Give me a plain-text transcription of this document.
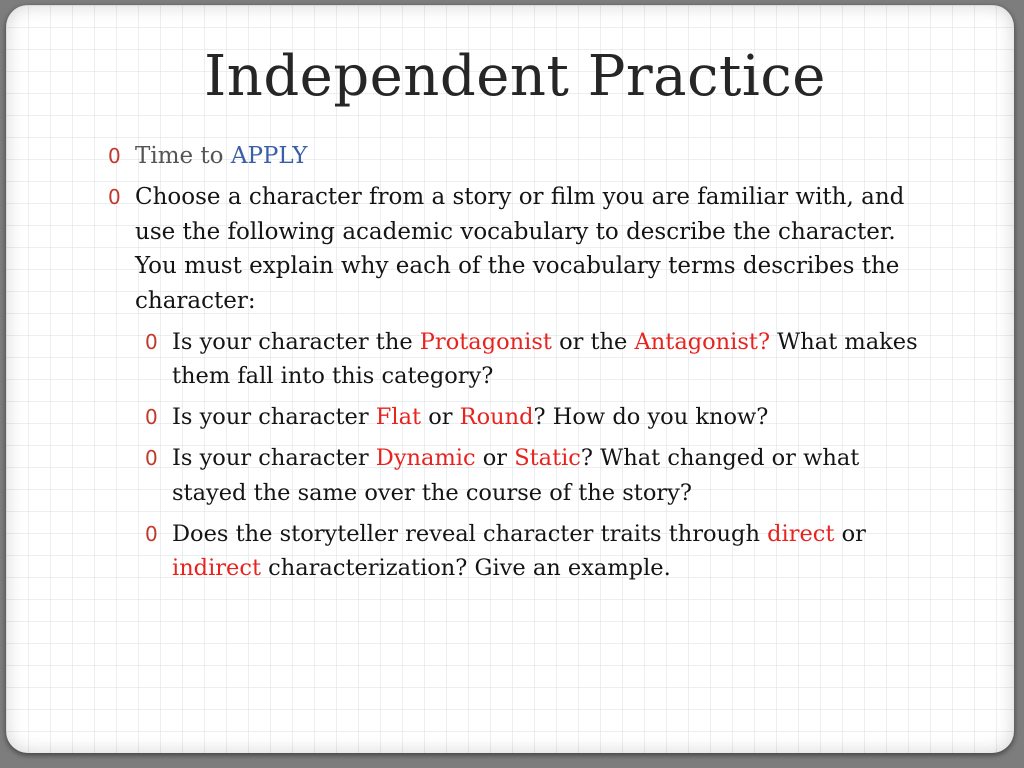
Independent Practice
0 Time to APPLY
0 Choose a character from a story or film you are familiar with, and use the following academic vocabulary to describe the character. You must explain why each of the vocabulary terms describes the character:
0 Is your character the Protagonist or the Antagonist? What makes them fall into this category?
0 Is your character Flat or Round? How do you know?
0 Is your character Dynamic or Static? What changed or what stayed the same over the course of the story?
0 Does the storyteller reveal character traits through direct or indirect characterization? Give an example.
